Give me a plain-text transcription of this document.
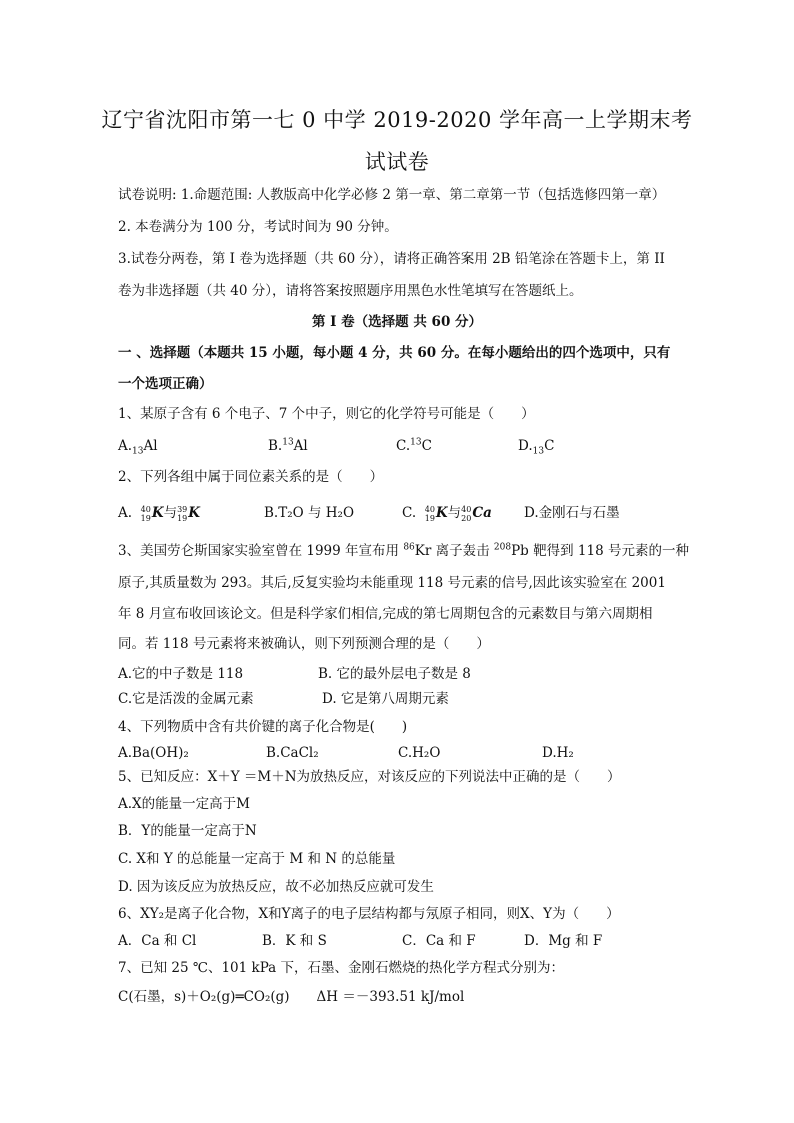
辽宁省沈阳市第一七 0 中学 2019-2020 学年高一上学期末考
试试卷
试卷说明: 1.命题范围: 人教版高中化学必修 2 第一章、第二章第一节（包括选修四第一章）
2. 本卷满分为 100 分，考试时间为 90 分钟。
3.试卷分两卷，第 I 卷为选择题（共 60 分），请将正确答案用 2B 铅笔涂在答题卡上，第 II
卷为非选择题（共 40 分），请将答案按照题序用黑色水性笔填写在答题纸上。
第 I 卷（选择题 共 60 分）
一 、选择题（本题共 15 小题，每小题 4 分，共 60 分。在每小题给出的四个选项中，只有
一个选项正确）
1、某原子含有 6 个电子、7 个中子，则它的化学符号可能是（　　）
$A._{13}Al$	B.$^{13}$Al	C.$^{13}$C	$D._{13}C$
2、下列各组中属于同位素关系的是（　　）
A. 40
19 K与 39
19 K	B.T₂O 与 H₂O	C. 40
19 K与 40
20 Ca D.金刚石与石墨
3、美国劳仑斯国家实验室曾在 1999 年宣布用 $^{86}$Kr 离子轰击 $^{208}$Pb 靶得到 118 号元素的一种
原子,其质量数为 293。其后,反复实验均未能重现 118 号元素的信号,因此该实验室在 2001
年 8 月宣布收回该论文。但是科学家们相信,完成的第七周期包含的元素数目与第六周期相
同。若 118 号元素将来被确认，则下列预测合理的是（　　）
A.它的中子数是 118	B. 它的最外层电子数是 8
C.它是活泼的金属元素	D. 它是第八周期元素
4、下列物质中含有共价键的离子化合物是(　　)
A.Ba(OH)₂	B.CaCl₂	C.H₂O	D.H₂
5、已知反应：X＋Y ＝M＋N为放热反应，对该反应的下列说法中正确的是（　　）
A.X的能量一定高于M
B．Y的能量一定高于N
C. X和 Y 的总能量一定高于 M 和 N 的总能量
D. 因为该反应为放热反应，故不必加热反应就可发生
6、XY₂是离子化合物，X和Y离子的电子层结构都与氖原子相同，则X、Y为（　　）
A．Ca 和 Cl	B．K 和 S	C．Ca 和 F	D．Mg 和 F
7、已知 25 ℃、101 kPa 下，石墨、金刚石燃烧的热化学方程式分别为：
C(石墨，s)＋O₂(g)═CO₂(g)　　ΔH ＝－393.51 kJ/mol
